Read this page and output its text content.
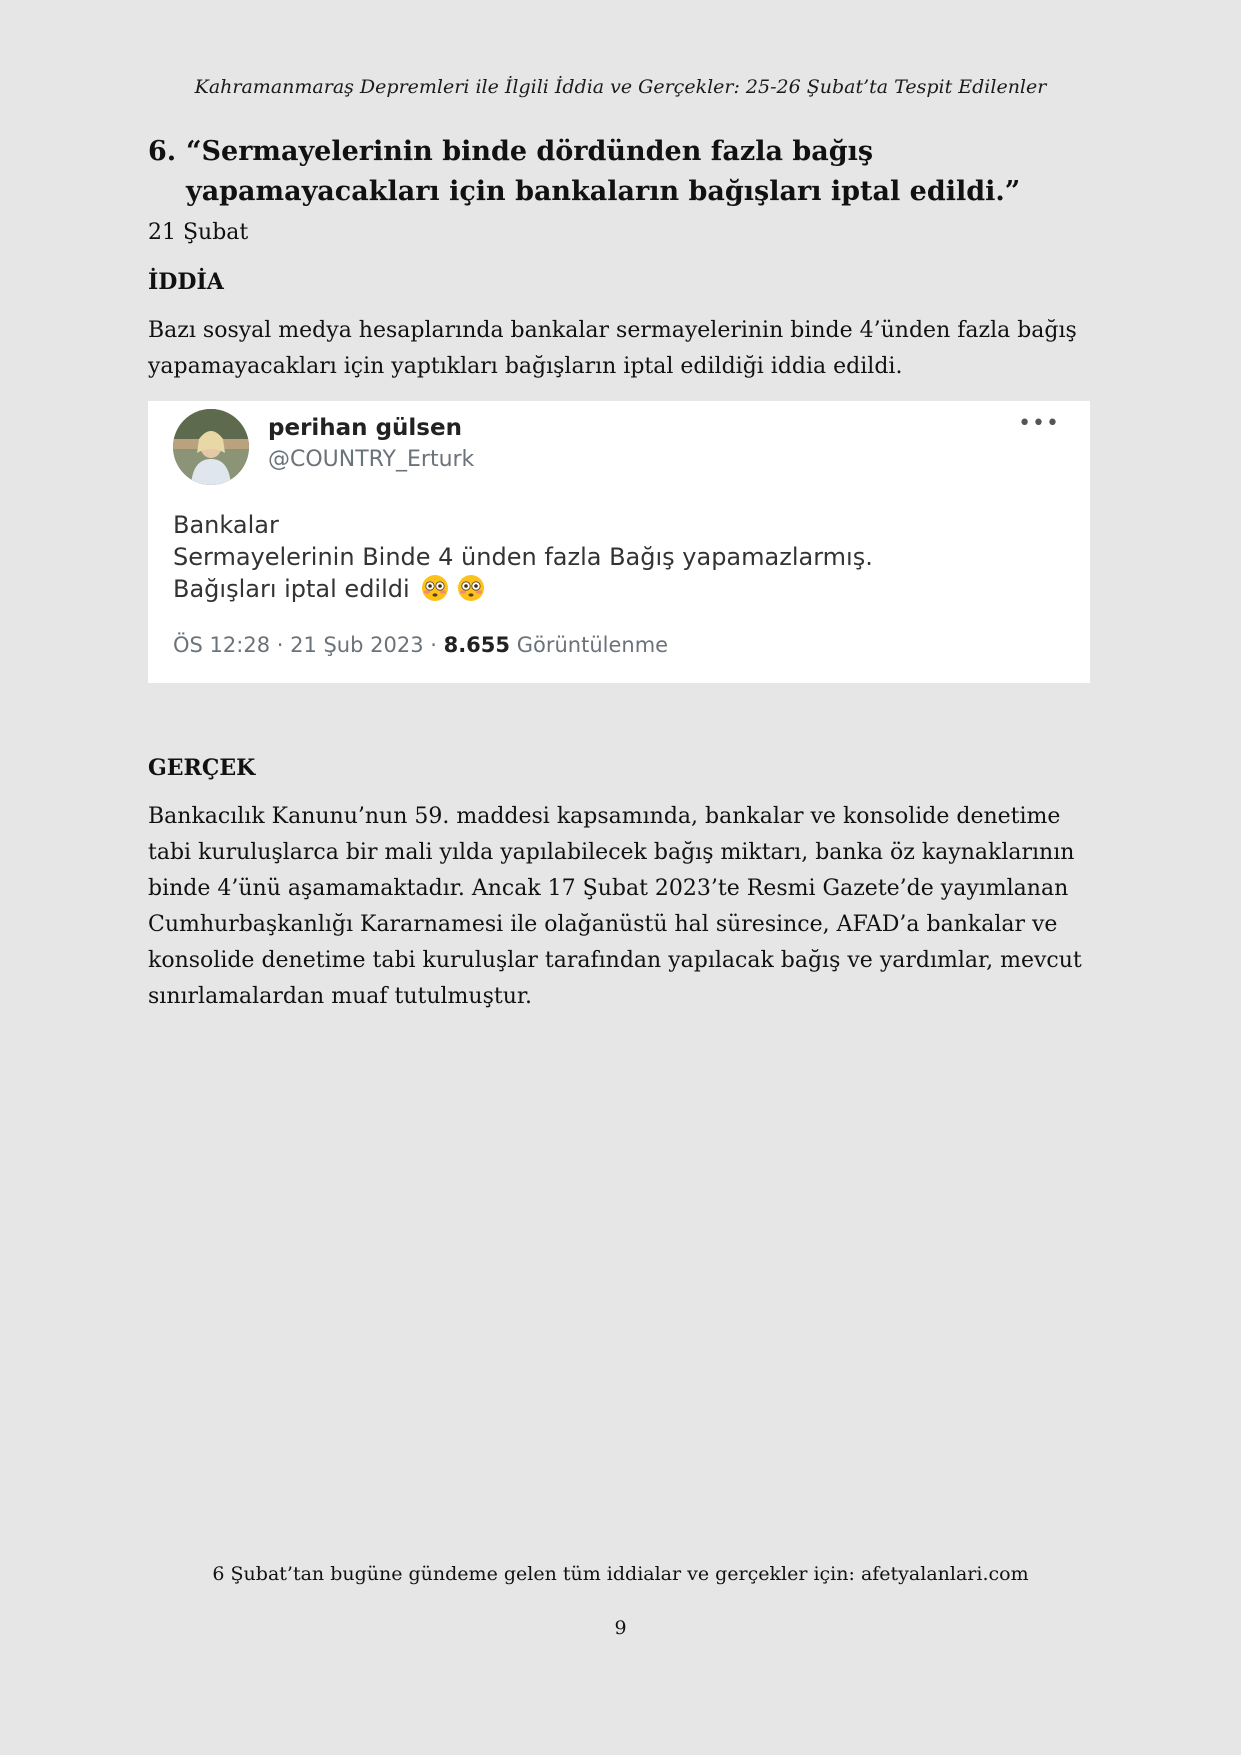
Kahramanmaraş Depremleri ile İlgili İddia ve Gerçekler: 25-26 Şubat’ta Tespit Edilenler
6. “Sermayelerinin binde dördünden fazla bağış yapamayacakları için bankaların bağışları iptal edildi.”
21 Şubat
İDDİA
Bazı sosyal medya hesaplarında bankalar sermayelerinin binde 4’ünden fazla bağış yapamayacakları için yaptıkları bağışların iptal edildiği iddia edildi.
perihan gülsen
@COUNTRY_Erturk
•••
Bankalar
Sermayelerinin Binde 4 ünden fazla Bağış yapamazlarmış.
Bağışları iptal edildi
ÖS 12:28 · 21 Şub 2023 · 8.655 Görüntülenme
GERÇEK
Bankacılık Kanunu’nun 59. maddesi kapsamında, bankalar ve konsolide denetime tabi kuruluşlarca bir mali yılda yapılabilecek bağış miktarı, banka öz kaynaklarının binde 4’ünü aşamamaktadır. Ancak 17 Şubat 2023’te Resmi Gazete’de yayımlanan Cumhurbaşkanlığı Kararnamesi ile olağanüstü hal süresince, AFAD’a bankalar ve konsolide denetime tabi kuruluşlar tarafından yapılacak bağış ve yardımlar, mevcut sınırlamalardan muaf tutulmuştur.
6 Şubat’tan bugüne gündeme gelen tüm iddialar ve gerçekler için: afetyalanlari.com
9
